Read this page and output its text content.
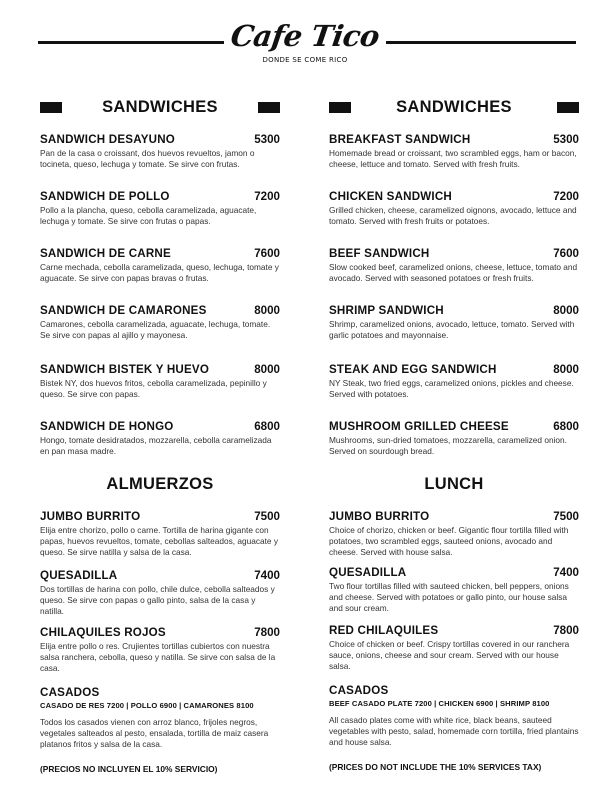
Cafe Tico
DONDE SE COME RICO
SANDWICHES
SANDWICH DESAYUNO	5300
Pan de la casa o croissant, dos huevos revueltos, jamon o tocineta, queso, lechuga y tomate. Se sirve con frutas.
SANDWICH DE POLLO	7200
Pollo a la plancha, queso, cebolla caramelizada, aguacate, lechuga y tomate. Se sirve con frutas o papas.
SANDWICH DE CARNE	7600
Carne mechada, cebolla caramelizada, queso, lechuga, tomate y aguacate. Se sirve con papas bravas o frutas.
SANDWICH DE CAMARONES	8000
Camarones, cebolla caramelizada, aguacate, lechuga, tomate. Se sirve con papas al ajillo y mayonesa.
SANDWICH BISTEK Y HUEVO	8000
Bistek NY, dos huevos fritos, cebolla caramelizada, pepinillo y queso. Se sirve con papas.
SANDWICH DE HONGO	6800
Hongo, tomate desidratados, mozzarella, cebolla caramelizada en pan masa madre.
ALMUERZOS
JUMBO BURRITO	7500
Elija entre chorizo, pollo o carne. Tortilla de harina gigante con papas, huevos revueltos, tomate, cebollas salteados, aguacate y queso. Se sirve natilla y salsa de la casa.
QUESADILLA	7400
Dos tortillas de harina con pollo, chile dulce, cebolla salteados y queso. Se sirve con papas o gallo pinto, salsa de la casa y natilla.
CHILAQUILES ROJOS	7800
Elija entre pollo o res. Crujientes tortillas cubiertos con nuestra salsa ranchera, cebolla, queso y natilla. Se sirve con salsa de la casa.
CASADOS
CASADO DE RES 7200 | POLLO 6900 | CAMARONES 8100
Todos los casados vienen con arroz blanco, frijoles negros, vegetales salteados al pesto, ensalada, tortilla de maiz casera platanos fritos y salsa de la casa.
(PRECIOS NO INCLUYEN EL 10% SERVICIO)
SANDWICHES
BREAKFAST SANDWICH	5300
Homemade bread or croissant, two scrambled eggs, ham or bacon, cheese, lettuce and tomato. Served with fresh fruits.
CHICKEN SANDWICH	7200
Grilled chicken, cheese, caramelized oignons, avocado, lettuce and tomato. Served with fresh fruits or potatoes.
BEEF SANDWICH	7600
Slow cooked beef, caramelized onions, cheese, lettuce, tomato and avocado. Served with seasoned potatoes or fresh fruits.
SHRIMP SANDWICH	8000
Shrimp, caramelized onions, avocado, lettuce, tomato. Served with garlic potatoes and mayonnaise.
STEAK AND EGG SANDWICH	8000
NY Steak, two fried eggs, caramelized onions, pickles and cheese. Served with potatoes.
MUSHROOM GRILLED CHEESE	6800
Mushrooms, sun-dried tomatoes, mozzarella, caramelized onion. Served on sourdough bread.
LUNCH
JUMBO BURRITO	7500
Choice of chorizo, chicken or beef. Gigantic flour tortilla filled with potatoes, two scrambled eggs, sauteed onions, avocado and cheese. Served with house salsa.
QUESADILLA	7400
Two flour tortillas filled with sauteed chicken, bell peppers, onions and cheese. Served with potatoes or gallo pinto, our house salsa and sour cream.
RED CHILAQUILES	7800
Choice of chicken or beef. Crispy tortillas covered in our ranchera sauce, onions, cheese and sour cream. Served with our house salsa.
CASADOS
BEEF CASADO PLATE 7200 | CHICKEN 6900 | SHRIMP 8100
All casado plates come with white rice, black beans, sauteed vegetables with pesto, salad, homemade corn tortilla, fried plantains and house salsa.
(PRICES DO NOT INCLUDE THE 10% SERVICES TAX)
